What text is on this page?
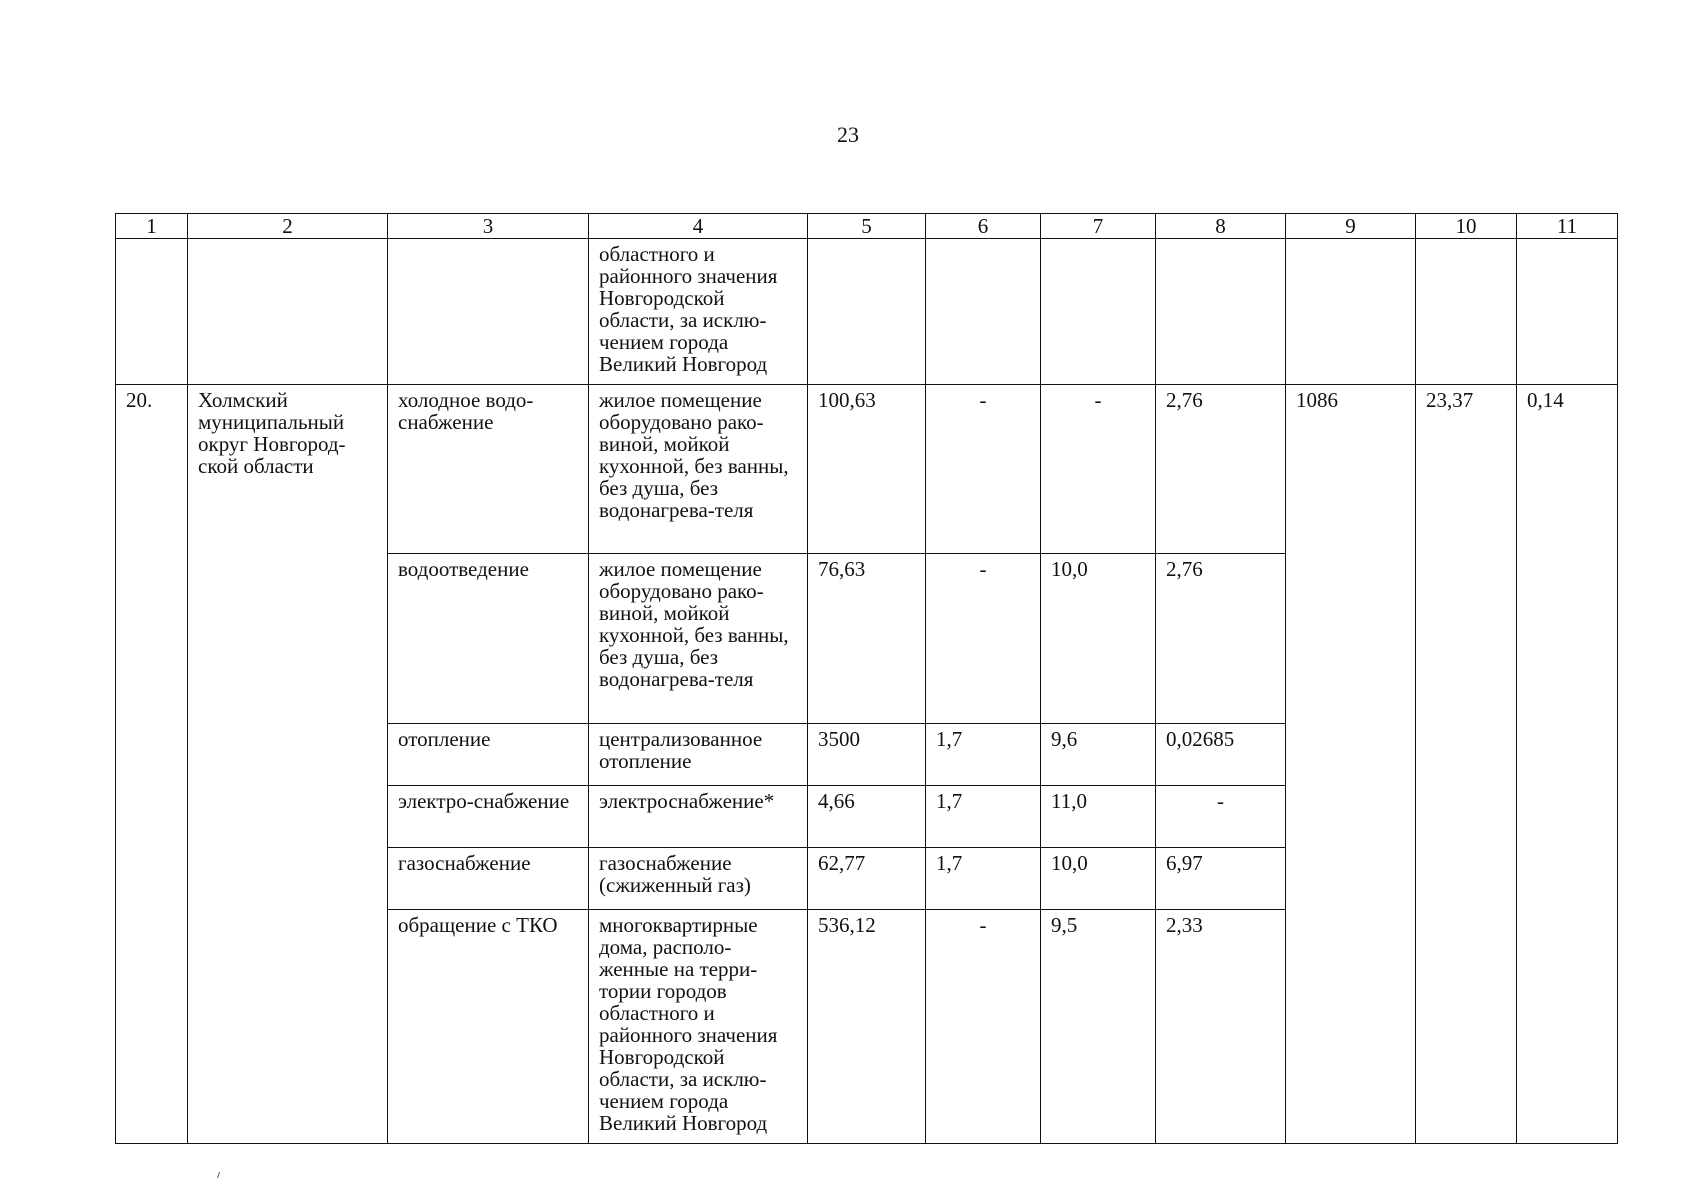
23
1	2	3	4	5	6	7	8	9	10	11
			областного и районного значения Новгородской области, за исклю-чением города Великий Новгород							
20.	Холмский муниципальный округ Новгород-ской области	холодное водо-снабжение	жилое помещение оборудовано рако-виной, мойкой кухонной, без ванны, без душа, без водонагрева-теля	100,63	-	-	2,76	1086	23,37	0,14
		водоотведение	жилое помещение оборудовано рако-виной, мойкой кухонной, без ванны, без душа, без водонагрева-теля	76,63	-	10,0	2,76			
		отопление	централизованное отопление	3500	1,7	9,6	0,02685			
		электро-снабжение	электроснабжение*	4,66	1,7	11,0	-			
		газоснабжение	газоснабжение (сжиженный газ)	62,77	1,7	10,0	6,97			
		обращение с ТКО	многоквартирные дома, располо-женные на терри-тории городов областного и районного значения Новгородской области, за исклю-чением города Великий Новгород	536,12	-	9,5	2,33			
